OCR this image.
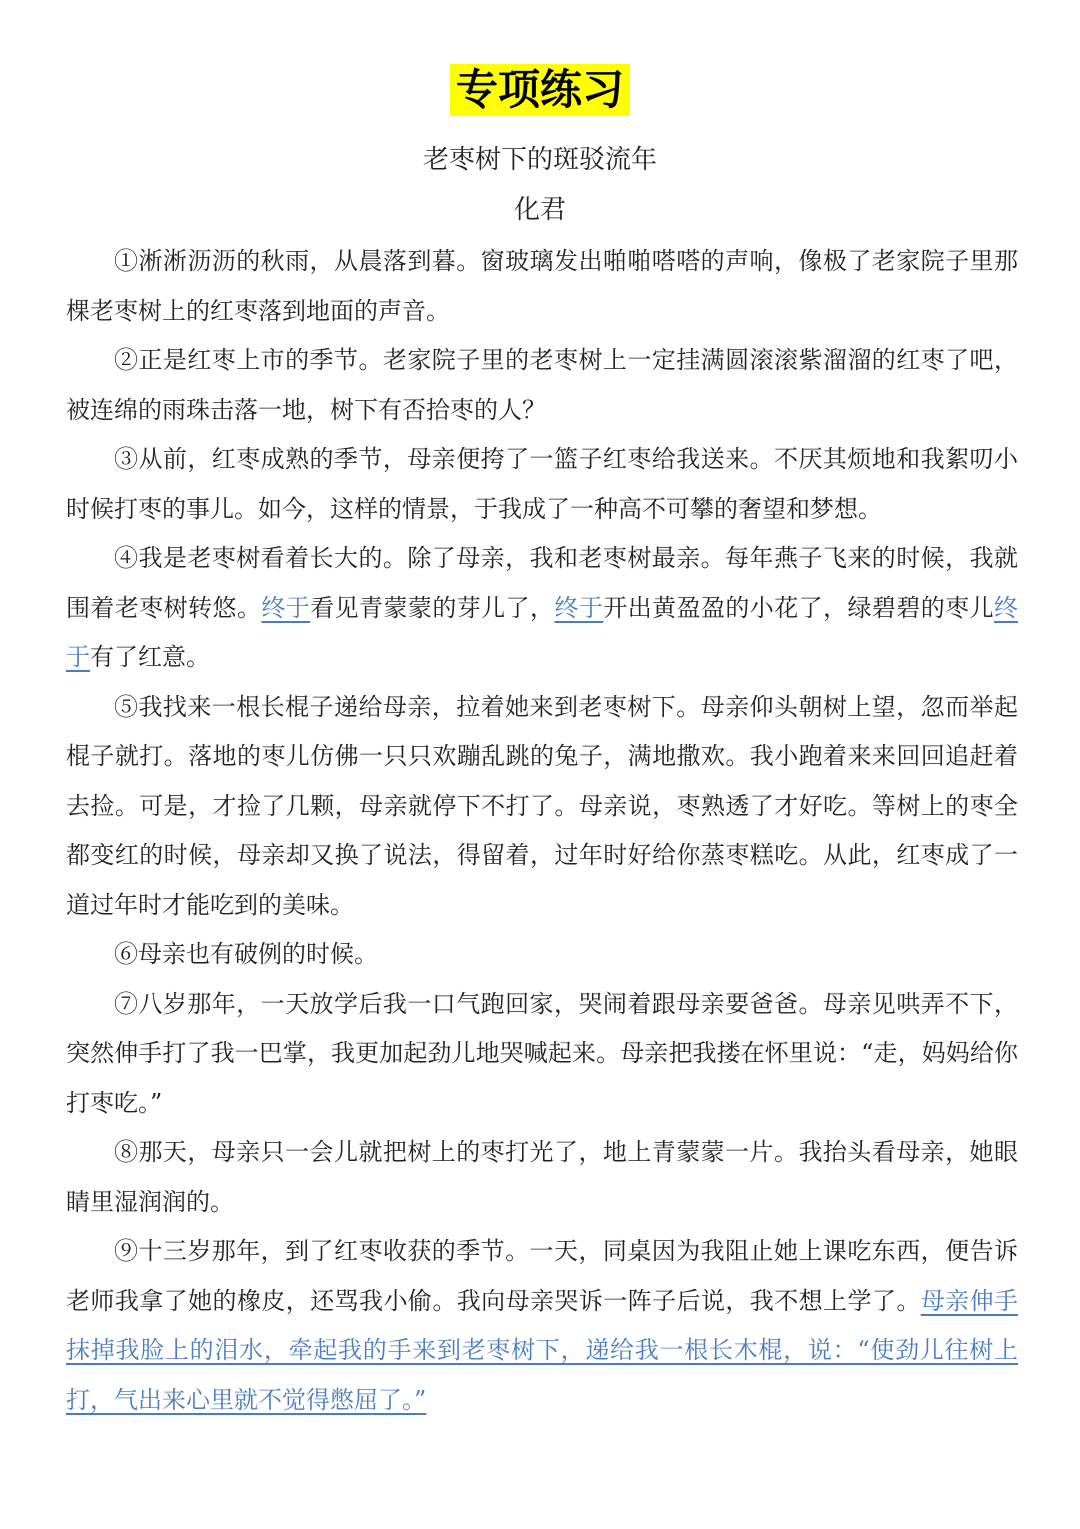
专项练习
老枣树下的斑驳流年
化君

①淅淅沥沥的秋雨，从晨落到暮。窗玻璃发出啪啪嗒嗒的声响，像极了老家院子里那棵老枣树上的红枣落到地面的声音。

②正是红枣上市的季节。老家院子里的老枣树上一定挂满圆滚滚紫溜溜的红枣了吧，被连绵的雨珠击落一地，树下有否拾枣的人？

③从前，红枣成熟的季节，母亲便挎了一篮子红枣给我送来。不厌其烦地和我絮叨小时候打枣的事儿。如今，这样的情景，于我成了一种高不可攀的奢望和梦想。

④我是老枣树看着长大的。除了母亲，我和老枣树最亲。每年燕子飞来的时候，我就围着老枣树转悠。终于看见青蒙蒙的芽儿了，终于开出黄盈盈的小花了，绿碧碧的枣儿终于有了红意。

⑤我找来一根长棍子递给母亲，拉着她来到老枣树下。母亲仰头朝树上望，忽而举起棍子就打。落地的枣儿仿佛一只只欢蹦乱跳的兔子，满地撒欢。我小跑着来来回回追赶着去捡。可是，才捡了几颗，母亲就停下不打了。母亲说，枣熟透了才好吃。等树上的枣全都变红的时候，母亲却又换了说法，得留着，过年时好给你蒸枣糕吃。从此，红枣成了一道过年时才能吃到的美味。

⑥母亲也有破例的时候。

⑦八岁那年，一天放学后我一口气跑回家，哭闹着跟母亲要爸爸。母亲见哄弄不下，突然伸手打了我一巴掌，我更加起劲儿地哭喊起来。母亲把我搂在怀里说：“走，妈妈给你打枣吃。”

⑧那天，母亲只一会儿就把树上的枣打光了，地上青蒙蒙一片。我抬头看母亲，她眼睛里湿润润的。

⑨十三岁那年，到了红枣收获的季节。一天，同桌因为我阻止她上课吃东西，便告诉老师我拿了她的橡皮，还骂我小偷。我向母亲哭诉一阵子后说，我不想上学了。母亲伸手抹掉我脸上的泪水，牵起我的手来到老枣树下，递给我一根长木棍，说：“使劲儿往树上打，气出来心里就不觉得憋屈了。”
